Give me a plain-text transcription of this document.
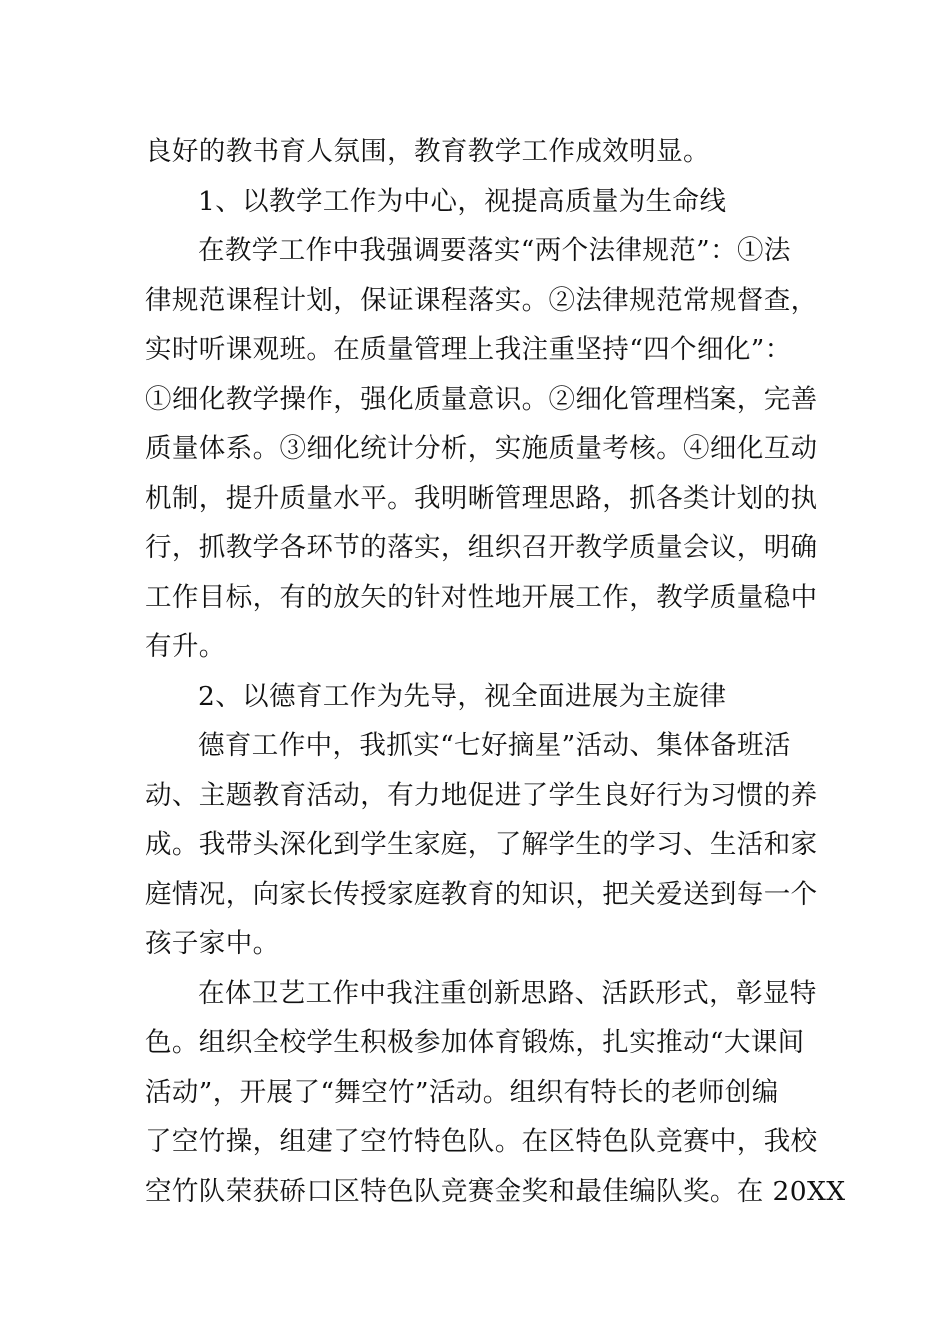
良好的教书育人氛围，教育教学工作成效明显。
1、以教学工作为中心，视提高质量为生命线
在教学工作中我强调要落实“两个法律规范”：①法
律规范课程计划，保证课程落实。②法律规范常规督查，
实时听课观班。在质量管理上我注重坚持“四个细化”：
①细化教学操作，强化质量意识。②细化管理档案，完善
质量体系。③细化统计分析，实施质量考核。④细化互动
机制，提升质量水平。我明晰管理思路，抓各类计划的执
行，抓教学各环节的落实，组织召开教学质量会议，明确
工作目标，有的放矢的针对性地开展工作，教学质量稳中
有升。
2、以德育工作为先导，视全面进展为主旋律
德育工作中，我抓实“七好摘星”活动、集体备班活
动、主题教育活动，有力地促进了学生良好行为习惯的养
成。我带头深化到学生家庭，了解学生的学习、生活和家
庭情况，向家长传授家庭教育的知识，把关爱送到每一个
孩子家中。
在体卫艺工作中我注重创新思路、活跃形式，彰显特
色。组织全校学生积极参加体育锻炼，扎实推动“大课间
活动”，开展了“舞空竹”活动。组织有特长的老师创编
了空竹操，组建了空竹特色队。在区特色队竞赛中，我校
空竹队荣获硚口区特色队竞赛金奖和最佳编队奖。在 20XX
